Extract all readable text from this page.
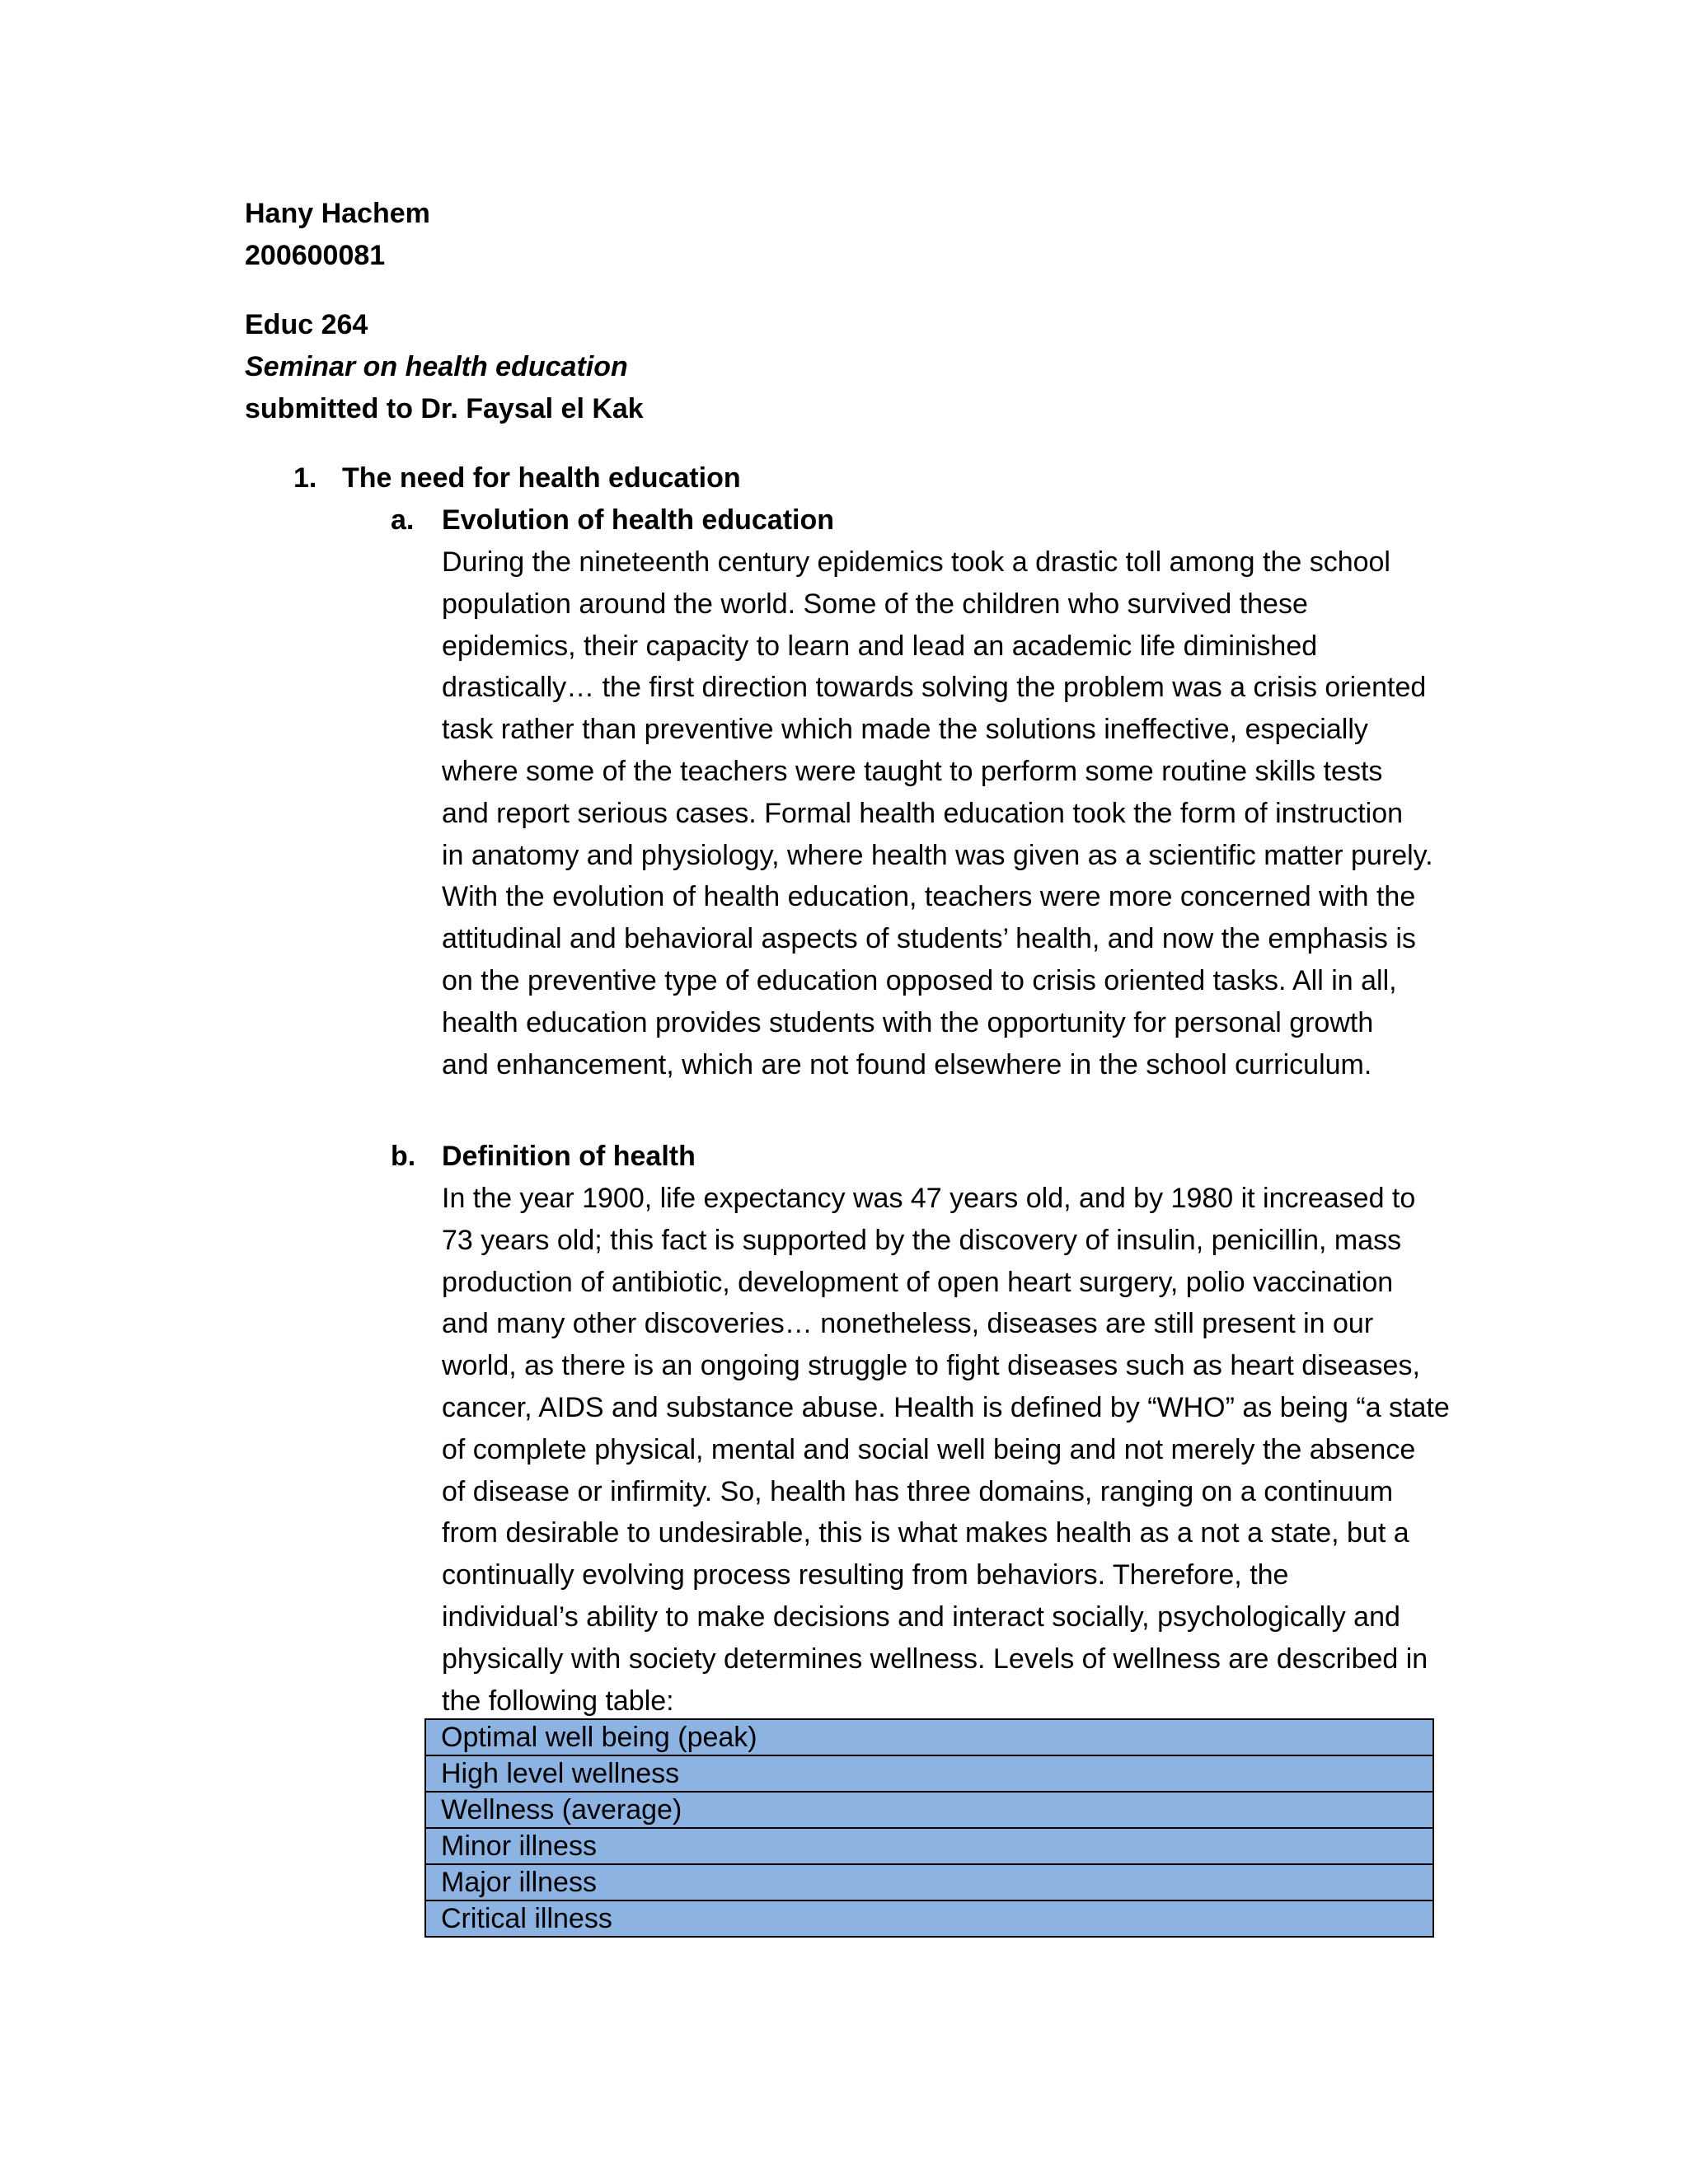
Hany Hachem
200600081
Educ 264
Seminar on health education
submitted to Dr. Faysal el Kak
1. The need for health education
a. Evolution of health education
During the nineteenth century epidemics took a drastic toll among the school
population around the world. Some of the children who survived these
epidemics, their capacity to learn and lead an academic life diminished
drastically… the first direction towards solving the problem was a crisis oriented
task rather than preventive which made the solutions ineffective, especially
where some of the teachers were taught to perform some routine skills tests
and report serious cases. Formal health education took the form of instruction
in anatomy and physiology, where health was given as a scientific matter purely.
With the evolution of health education, teachers were more concerned with the
attitudinal and behavioral aspects of students’ health, and now the emphasis is
on the preventive type of education opposed to crisis oriented tasks. All in all,
health education provides students with the opportunity for personal growth
and enhancement, which are not found elsewhere in the school curriculum.
b. Definition of health
In the year 1900, life expectancy was 47 years old, and by 1980 it increased to
73 years old; this fact is supported by the discovery of insulin, penicillin, mass
production of antibiotic, development of open heart surgery, polio vaccination
and many other discoveries… nonetheless, diseases are still present in our
world, as there is an ongoing struggle to fight diseases such as heart diseases,
cancer, AIDS and substance abuse. Health is defined by “WHO” as being “a state
of complete physical, mental and social well being and not merely the absence
of disease or infirmity. So, health has three domains, ranging on a continuum
from desirable to undesirable, this is what makes health as a not a state, but a
continually evolving process resulting from behaviors. Therefore, the
individual’s ability to make decisions and interact socially, psychologically and
physically with society determines wellness. Levels of wellness are described in
the following table:
Optimal well being (peak)
High level wellness
Wellness (average)
Minor illness
Major illness
Critical illness
